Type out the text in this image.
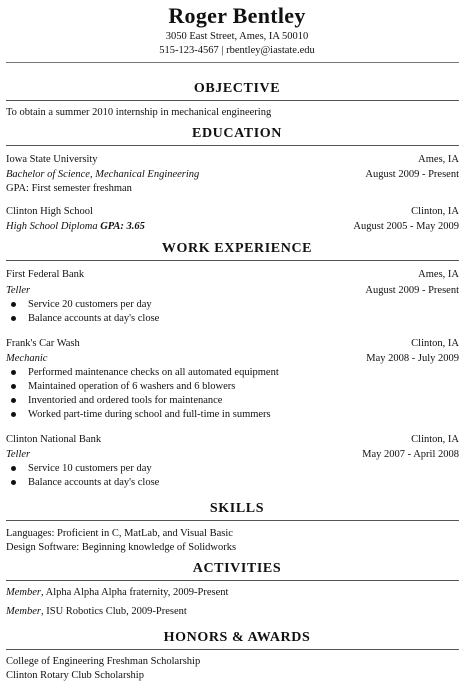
Roger Bentley
3050 East Street, Ames, IA 50010
515-123-4567 | rbentley@iastate.edu
OBJECTIVE
To obtain a summer 2010 internship in mechanical engineering
EDUCATION
Iowa State University	Ames, IA
Bachelor of Science, Mechanical Engineering	August 2009 - Present
GPA: First semester freshman
Clinton High School	Clinton, IA
High School Diploma GPA: 3.65	August 2005 - May 2009
WORK EXPERIENCE
First Federal Bank	Ames, IA
Teller	August 2009 - Present
Service 20 customers per day
Balance accounts at day's close
Frank's Car Wash	Clinton, IA
Mechanic	May 2008 - July 2009
Performed maintenance checks on all automated equipment
Maintained operation of 6 washers and 6 blowers
Inventoried and ordered tools for maintenance
Worked part-time during school and full-time in summers
Clinton National Bank	Clinton, IA
Teller	May 2007 - April 2008
Service 10 customers per day
Balance accounts at day's close
SKILLS
Languages: Proficient in C, MatLab, and Visual Basic
Design Software: Beginning knowledge of Solidworks
ACTIVITIES
Member, Alpha Alpha Alpha fraternity, 2009-Present
Member, ISU Robotics Club, 2009-Present
HONORS & AWARDS
College of Engineering Freshman Scholarship
Clinton Rotary Club Scholarship
